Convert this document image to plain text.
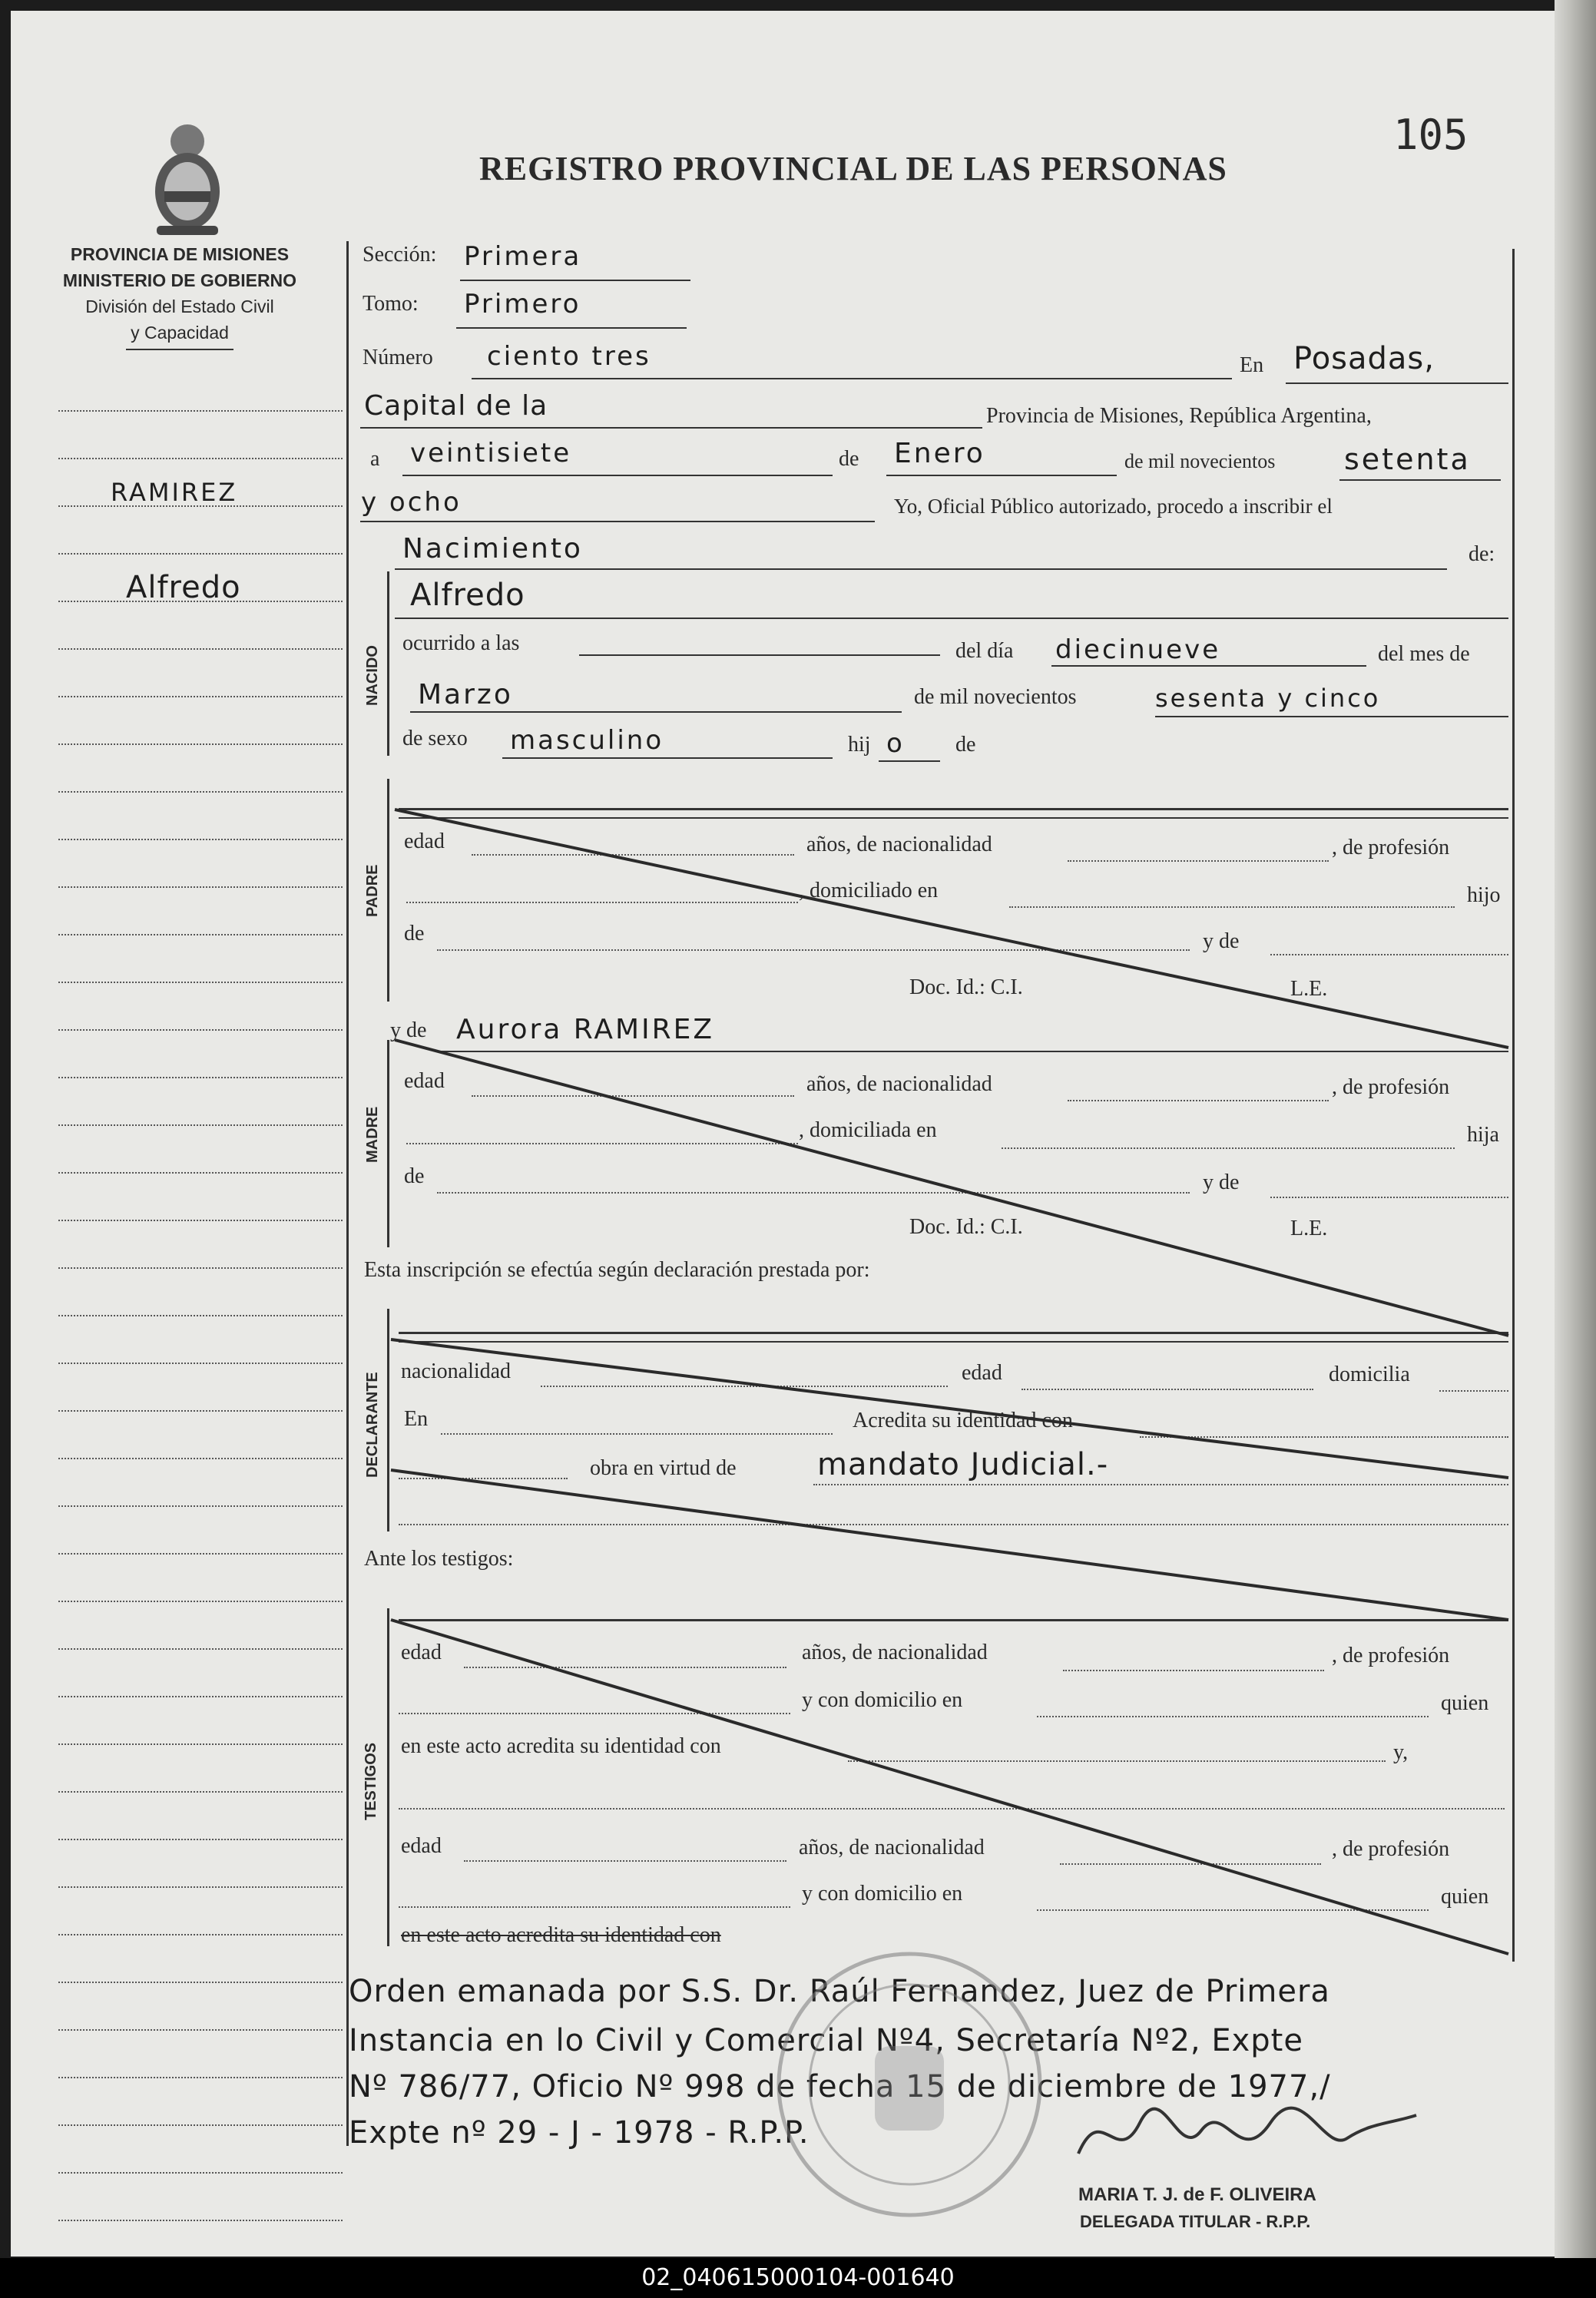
REGISTRO PROVINCIAL DE LAS PERSONAS
105
PROVINCIA DE MISIONES
MINISTERIO DE GOBIERNO
División del Estado Civil
y Capacidad
RAMIREZ
Alfredo
Sección: Primera
Tomo: Primero
Número ciento tres	En Posadas,
Capital de la	Provincia de Misiones, República Argentina,
a veintisiete	de Enero	de mil novecientos setenta
y ocho	Yo, Oficial Público autorizado, procedo a inscribir el
Nacimiento	de:
NACIDO
Alfredo
ocurrido a las	del día diecinueve	del mes de
Marzo	de mil novecientos	sesenta y cinco
de sexo masculino	hij o de
PADRE
edad	años, de nacionalidad	, de profesión
, domiciliado en	hijo
de	y de
Doc. Id.: C.I.	L.E.
y de Aurora RAMIREZ
MADRE
edad	años, de nacionalidad	, de profesión
, domiciliada en	hija
de	y de
Doc. Id.: C.I.	L.E.
Esta inscripción se efectúa según declaración prestada por:
DECLARANTE
nacionalidad	edad	domicilia
En	Acredita su identidad con
obra en virtud de	mandato Judicial.-
Ante los testigos:
TESTIGOS
edad	años, de nacionalidad	, de profesión
y con domicilio en	quien
en este acto acredita su identidad con	y,
edad	años, de nacionalidad	, de profesión
y con domicilio en	quien
en este acto acredita su identidad con
Orden emanada por S.S. Dr. Raúl Fernandez, Juez de Primera
Instancia en lo Civil y Comercial Nº4, Secretaría Nº2, Expte
Nº 786/77, Oficio Nº 998 de fecha 15 de diciembre de 1977,/
Expte nº 29 - J - 1978 - R.P.P.
MARIA T. J. de F. OLIVEIRA
DELEGADA TITULAR - R.P.P.
02_040615000104-001640
